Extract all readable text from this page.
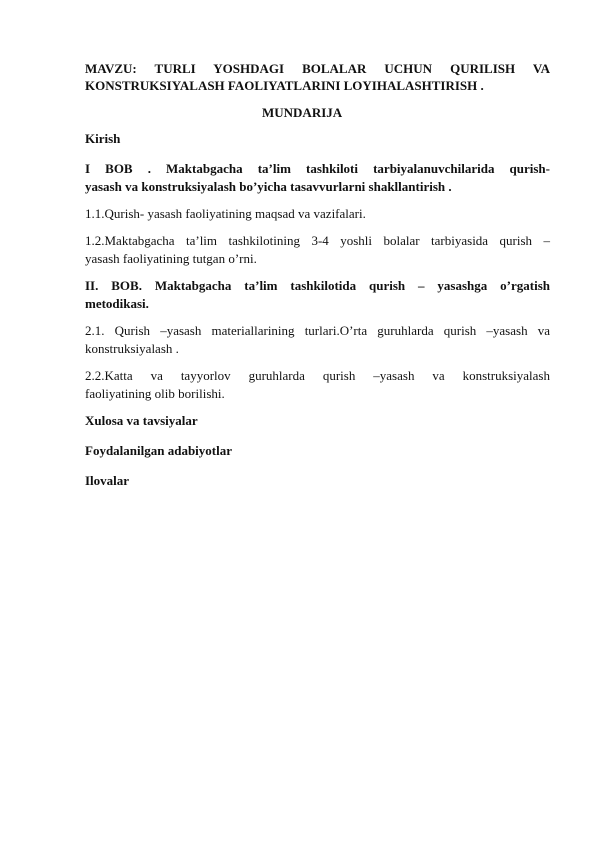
MAVZU: TURLI YOSHDAGI BOLALAR UCHUN QURILISH VA
KONSTRUKSIYALASH FAOLIYATLARINI LOYIHALASHTIRISH .
MUNDARIJA

Kirish

I BOB . Maktabgacha ta’lim tashkiloti tarbiyalanuvchilarida qurish-
yasash va konstruksiyalash bo’yicha tasavvurlarni shakllantirish .

1.1.Qurish- yasash faoliyatining maqsad va vazifalari.

1.2.Maktabgacha ta’lim tashkilotining 3-4 yoshli bolalar tarbiyasida qurish –
yasash faoliyatining tutgan o’rni.

II. BOB. Maktabgacha ta’lim tashkilotida qurish – yasashga o’rgatish
metodikasi.

2.1. Qurish –yasash materiallarining turlari.O’rta guruhlarda qurish –yasash va
konstruksiyalash .

2.2.Katta va tayyorlov guruhlarda qurish –yasash va konstruksiyalash
faoliyatining olib borilishi.

Xulosa va tavsiyalar

Foydalanilgan adabiyotlar

Ilovalar
